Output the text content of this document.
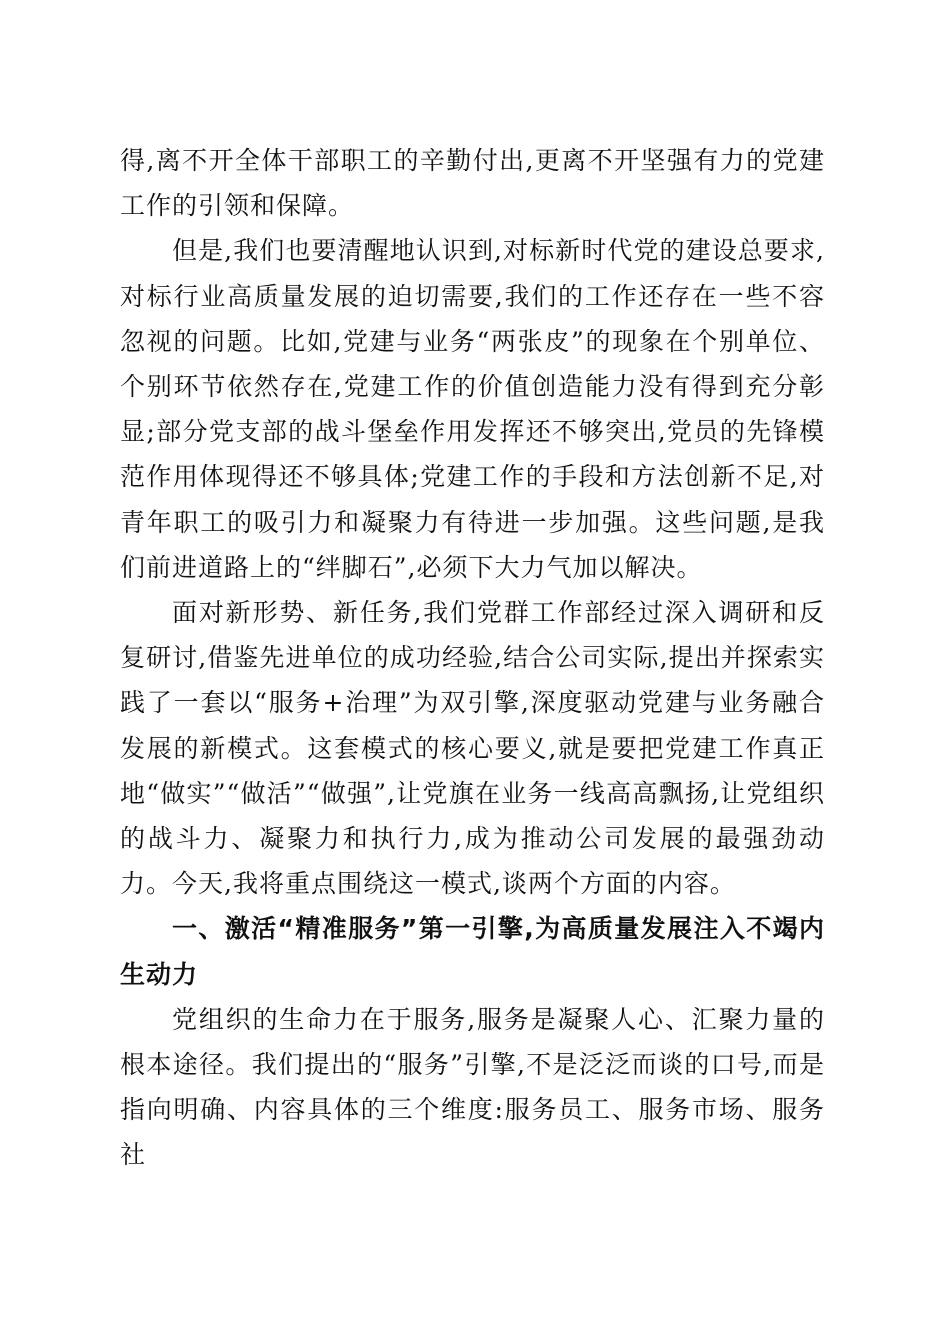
得,离不开全体干部职工的辛勤付出,更离不开坚强有力的党建工作的引领和保障。

但是,我们也要清醒地认识到,对标新时代党的建设总要求,对标行业高质量发展的迫切需要,我们的工作还存在一些不容忽视的问题。比如,党建与业务“两张皮”的现象在个别单位、个别环节依然存在,党建工作的价值创造能力没有得到充分彰显;部分党支部的战斗堡垒作用发挥还不够突出,党员的先锋模范作用体现得还不够具体;党建工作的手段和方法创新不足,对青年职工的吸引力和凝聚力有待进一步加强。这些问题,是我们前进道路上的“绊脚石”,必须下大力气加以解决。

面对新形势、新任务,我们党群工作部经过深入调研和反复研讨,借鉴先进单位的成功经验,结合公司实际,提出并探索实践了一套以“服务+治理”为双引擎,深度驱动党建与业务融合发展的新模式。这套模式的核心要义,就是要把党建工作真正地“做实”“做活”“做强”,让党旗在业务一线高高飘扬,让党组织的战斗力、凝聚力和执行力,成为推动公司发展的最强劲动力。今天,我将重点围绕这一模式,谈两个方面的内容。

一、激活“精准服务”第一引擎,为高质量发展注入不竭内生动力

党组织的生命力在于服务,服务是凝聚人心、汇聚力量的根本途径。我们提出的“服务”引擎,不是泛泛而谈的口号,而是指向明确、内容具体的三个维度:服务员工、服务市场、服务社
